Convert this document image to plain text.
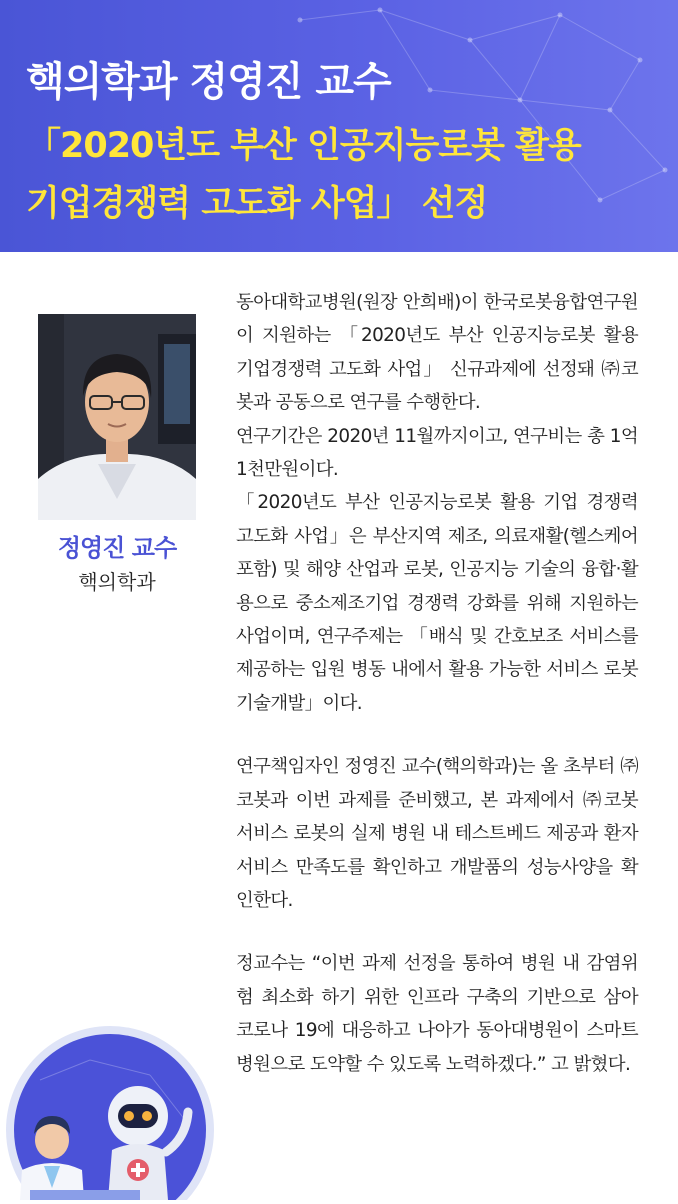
핵의학과 정영진 교수
「2020년도 부산 인공지능로봇 활용
기업경쟁력 고도화 사업」 선정
정영진 교수
핵의학과

동아대학교병원(원장 안희배)이 한국로봇융합연구원이 지원하는 「2020년도 부산 인공지능로봇 활용 기업경쟁력 고도화 사업」 신규과제에 선정돼 ㈜코봇과 공동으로 연구를 수행한다.

연구기간은 2020년 11월까지이고, 연구비는 총 1억1천만원이다.

「2020년도 부산 인공지능로봇 활용 기업 경쟁력 고도화 사업」은 부산지역 제조, 의료재활(헬스케어 포함) 및 해양 산업과 로봇, 인공지능 기술의 융합·활용으로 중소제조기업 경쟁력 강화를 위해 지원하는 사업이며, 연구주제는 「배식 및 간호보조 서비스를 제공하는 입원 병동 내에서 활용 가능한 서비스 로봇 기술개발」이다.

연구책임자인 정영진 교수(핵의학과)는 올 초부터 ㈜코봇과 이번 과제를 준비했고, 본 과제에서 ㈜코봇 서비스 로봇의 실제 병원 내 테스트베드 제공과 환자 서비스 만족도를 확인하고 개발품의 성능사양을 확인한다.

정교수는 “이번 과제 선정을 통하여 병원 내 감염위험 최소화 하기 위한 인프라 구축의 기반으로 삼아 코로나 19에 대응하고 나아가 동아대병원이 스마트병원으로 도약할 수 있도록 노력하겠다.” 고 밝혔다.
